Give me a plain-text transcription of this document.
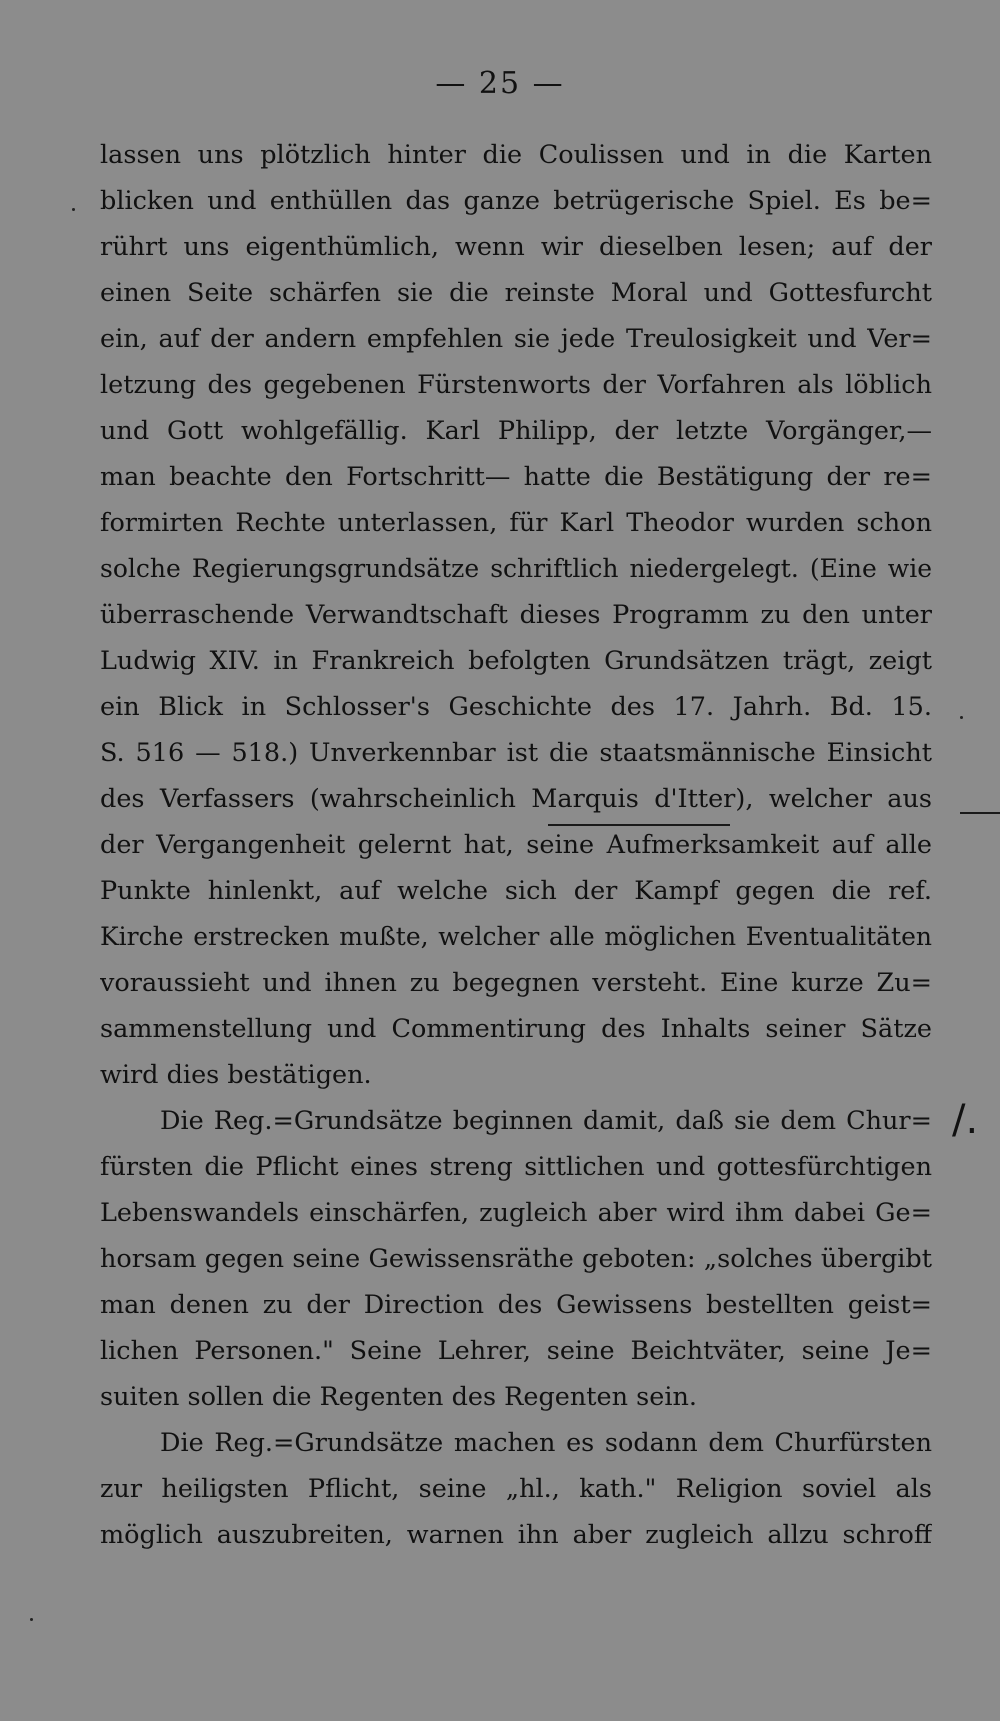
— 25 —
lassen uns plötzlich hinter die Coulissen und in die Karten
blicken und enthüllen das ganze betrügerische Spiel. Es be=
rührt uns eigenthümlich, wenn wir dieselben lesen; auf der
einen Seite schärfen sie die reinste Moral und Gottesfurcht
ein, auf der andern empfehlen sie jede Treulosigkeit und Ver=
letzung des gegebenen Fürstenworts der Vorfahren als löblich
und Gott wohlgefällig. Karl Philipp, der letzte Vorgänger,—
man beachte den Fortschritt— hatte die Bestätigung der re=
formirten Rechte unterlassen, für Karl Theodor wurden schon
solche Regierungsgrundsätze schriftlich niedergelegt. (Eine wie
überraschende Verwandtschaft dieses Programm zu den unter
Ludwig XIV. in Frankreich befolgten Grundsätzen trägt, zeigt
ein Blick in Schlosser's Geschichte des 17. Jahrh. Bd. 15.
S. 516 — 518.) Unverkennbar ist die staatsmännische Einsicht
des Verfassers (wahrscheinlich Marquis d'Itter), welcher aus
der Vergangenheit gelernt hat, seine Aufmerksamkeit auf alle
Punkte hinlenkt, auf welche sich der Kampf gegen die ref.
Kirche erstrecken mußte, welcher alle möglichen Eventualitäten
voraussieht und ihnen zu begegnen versteht. Eine kurze Zu=
sammenstellung und Commentirung des Inhalts seiner Sätze
wird dies bestätigen.
Die Reg.=Grundsätze beginnen damit, daß sie dem Chur=
fürsten die Pflicht eines streng sittlichen und gottesfürchtigen
Lebenswandels einschärfen, zugleich aber wird ihm dabei Ge=
horsam gegen seine Gewissensräthe geboten: „solches übergibt
man denen zu der Direction des Gewissens bestellten geist=
lichen Personen." Seine Lehrer, seine Beichtväter, seine Je=
suiten sollen die Regenten des Regenten sein.
Die Reg.=Grundsätze machen es sodann dem Churfürsten
zur heiligsten Pflicht, seine „hl., kath." Religion soviel als
möglich auszubreiten, warnen ihn aber zugleich allzu schroff
/.
